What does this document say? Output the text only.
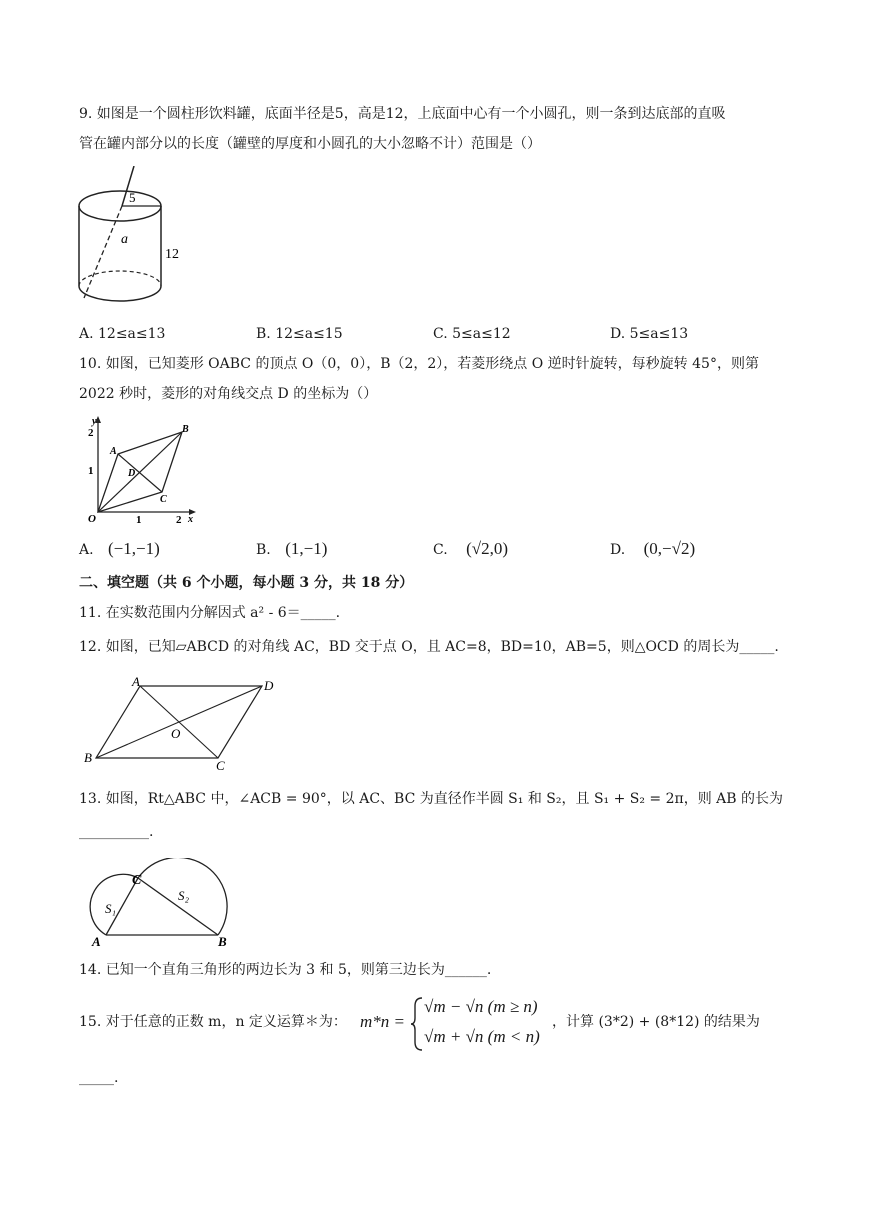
9. 如图是一个圆柱形饮料罐，底面半径是5，高是12，上底面中心有一个小圆孔，则一条到达底部的直吸
管在罐内部分以的长度（罐壁的厚度和小圆孔的大小忽略不计）范围是（）
5
a
12
A. 12≤a≤13	B. 12≤a≤15	C. 5≤a≤12	D. 5≤a≤13
10. 如图，已知菱形 OABC 的顶点 O（0，0），B（2，2），若菱形绕点 O 逆时针旋转，每秒旋转 45°，则第
2022 秒时，菱形的对角线交点 D 的坐标为（）
y
x
2
1
1	2
O
A
B
C
D
A. (−1,−1)	B. (1,−1)	C. (√2,0)	D. (0,−√2)
二、填空题（共 6 个小题，每小题 3 分，共 18 分）
11. 在实数范围内分解因式 a² - 6＝_____.
12. 如图，已知▱ABCD 的对角线 AC，BD 交于点 O，且 AC=8，BD=10，AB=5，则△OCD 的周长为_____.
A	D
B
C
O
13. 如图，Rt△ABC 中，∠ACB = 90°，以 AC、BC 为直径作半圆 S₁ 和 S₂，且 S₁ + S₂ = 2π，则 AB 的长为
__________.
C
S₁
S₂
A	B
14. 已知一个直角三角形的两边长为 3 和 5，则第三边长为______.
15. 对于任意的正数 m，n 定义运算＊为： m*n =
√m − √n (m ≥ n)
√m + √n (m < n)
，计算 (3*2) + (8*12) 的结果为
_____.
